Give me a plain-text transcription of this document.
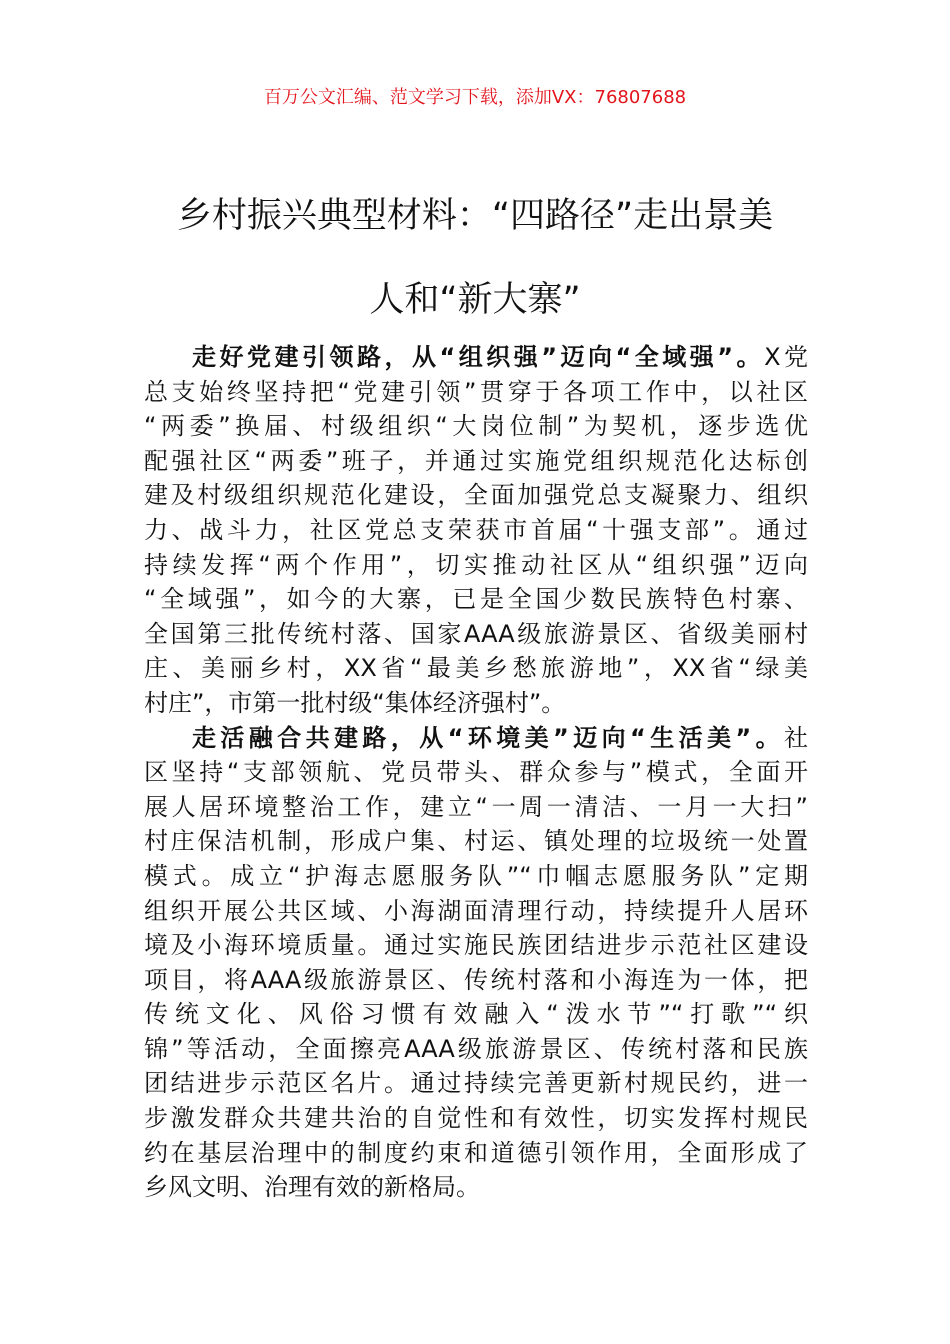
百万公文汇编、范文学习下载，添加VX：76807688
乡村振兴典型材料：“四路径”走出景美
人和“新大寨”

走好党建引领路，从“组织强”迈向“全域强”。X党
总支始终坚持把“党建引领”贯穿于各项工作中，以社区
“两委”换届、村级组织“大岗位制”为契机，逐步选优
配强社区“两委”班子，并通过实施党组织规范化达标创
建及村级组织规范化建设，全面加强党总支凝聚力、组织
力、战斗力，社区党总支荣获市首届“十强支部”。通过
持续发挥“两个作用”，切实推动社区从“组织强”迈向
“全域强”，如今的大寨，已是全国少数民族特色村寨、
全国第三批传统村落、国家AAA级旅游景区、省级美丽村
庄、美丽乡村，XX省“最美乡愁旅游地”，XX省“绿美
村庄”，市第一批村级“集体经济强村”。

走活融合共建路，从“环境美”迈向“生活美”。社
区坚持“支部领航、党员带头、群众参与”模式，全面开
展人居环境整治工作，建立“一周一清洁、一月一大扫”
村庄保洁机制，形成户集、村运、镇处理的垃圾统一处置
模式。成立“护海志愿服务队”“巾帼志愿服务队”定期
组织开展公共区域、小海湖面清理行动，持续提升人居环
境及小海环境质量。通过实施民族团结进步示范社区建设
项目，将AAA级旅游景区、传统村落和小海连为一体，把
传统文化、风俗习惯有效融入“泼水节”“打歌”“织
锦”等活动，全面擦亮AAA级旅游景区、传统村落和民族
团结进步示范区名片。通过持续完善更新村规民约，进一
步激发群众共建共治的自觉性和有效性，切实发挥村规民
约在基层治理中的制度约束和道德引领作用，全面形成了
乡风文明、治理有效的新格局。
